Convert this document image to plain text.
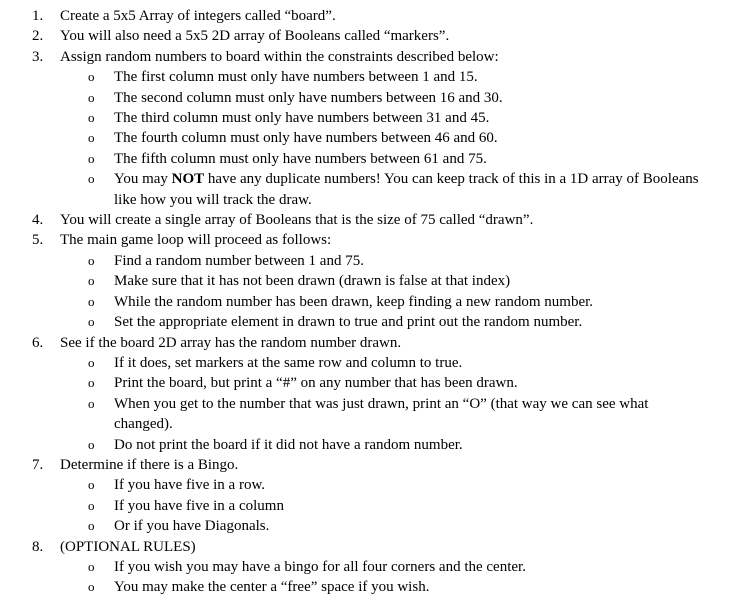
1.	Create a 5x5 Array of integers called “board”.
2.	You will also need a 5x5 2D array of Booleans called “markers”.
3.	Assign random numbers to board within the constraints described below:
o	The first column must only have numbers between 1 and 15.
o	The second column must only have numbers between 16 and 30.
o	The third column must only have numbers between 31 and 45.
o	The fourth column must only have numbers between 46 and 60.
o	The fifth column must only have numbers between 61 and 75.
o	You may NOT have any duplicate numbers! You can keep track of this in a 1D array of Booleans like how you will track the draw.
4.	You will create a single array of Booleans that is the size of 75 called “drawn”.
5.	The main game loop will proceed as follows:
o	Find a random number between 1 and 75.
o	Make sure that it has not been drawn (drawn is false at that index)
o	While the random number has been drawn, keep finding a new random number.
o	Set the appropriate element in drawn to true and print out the random number.
6.	See if the board 2D array has the random number drawn.
o	If it does, set markers at the same row and column to true.
o	Print the board, but print a “#” on any number that has been drawn.
o	When you get to the number that was just drawn, print an “O” (that way we can see what changed).
o	Do not print the board if it did not have a random number.
7.	Determine if there is a Bingo.
o	If you have five in a row.
o	If you have five in a column
o	Or if you have Diagonals.
8.	(OPTIONAL RULES)
o	If you wish you may have a bingo for all four corners and the center.
o	You may make the center a “free” space if you wish.
